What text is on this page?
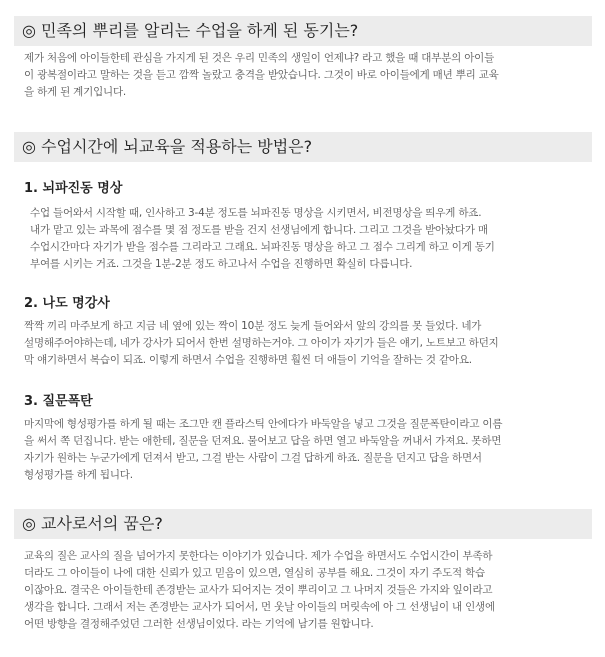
◎ 민족의 뿌리를 알리는 수업을 하게 된 동기는?
제가 처음에 아이들한테 관심을 가지게 된 것은 우리 민족의 생일이 언제냐? 라고 했을 때 대부분의 아이들
이 광복절이라고 말하는 것을 듣고 깜짝 놀랐고 충격을 받았습니다. 그것이 바로 아이들에게 매년 뿌리 교육
을 하게 된 계기입니다.
◎ 수업시간에 뇌교육을 적용하는 방법은?
1. 뇌파진동 명상
수업 들어와서 시작할 때, 인사하고 3-4분 정도를 뇌파진동 명상을 시키면서, 비전명상을 띄우게 하죠.
내가 맡고 있는 과목에 점수를 몇 점 정도를 받을 건지 선생님에게 합니다. 그리고 그것을 받아놨다가 매
수업시간마다 자기가 받을 점수를 그리라고 그래요. 뇌파진동 명상을 하고 그 점수 그리게 하고 이게 동기
부여를 시키는 거죠. 그것을 1분-2분 정도 하고나서 수업을 진행하면 확실히 다릅니다.
2. 나도 명강사
짝짝 끼리 마주보게 하고 지금 네 옆에 있는 짝이 10분 정도 늦게 들어와서 앞의 강의를 못 들었다. 네가
설명해주어야하는데, 네가 강사가 되어서 한번 설명하는거야. 그 아이가 자기가 들은 얘기, 노트보고 하던지
막 얘기하면서 복습이 되죠. 이렇게 하면서 수업을 진행하면 훨씬 더 애들이 기억을 잘하는 것 같아요.
3. 질문폭탄
마지막에 형성평가를 하게 될 때는 조그만 캔 플라스틱 안에다가 바둑알을 넣고 그것을 질문폭탄이라고 이름
을 써서 쪽 던집니다. 받는 애한테, 질문을 던져요. 물어보고 답을 하면 열고 바둑알을 꺼내서 가져요. 못하면
자기가 원하는 누군가에게 던져서 받고, 그걸 받는 사람이 그걸 답하게 하죠. 질문을 던지고 답을 하면서
형성평가를 하게 됩니다.
◎ 교사로서의 꿈은?
교육의 질은 교사의 질을 넘어가지 못한다는 이야기가 있습니다. 제가 수업을 하면서도 수업시간이 부족하
더라도 그 아이들이 나에 대한 신뢰가 있고 믿음이 있으면, 열심히 공부를 해요. 그것이 자기 주도적 학습
이잖아요. 결국은 아이들한테 존경받는 교사가 되어지는 것이 뿌리이고 그 나머지 것들은 가지와 잎이라고
생각을 합니다. 그래서 저는 존경받는 교사가 되어서, 먼 웃날 아이들의 머릿속에 아 그 선생님이 내 인생에
어떤 방향을 결정해주었던 그러한 선생님이었다. 라는 기억에 남기를 원합니다.
